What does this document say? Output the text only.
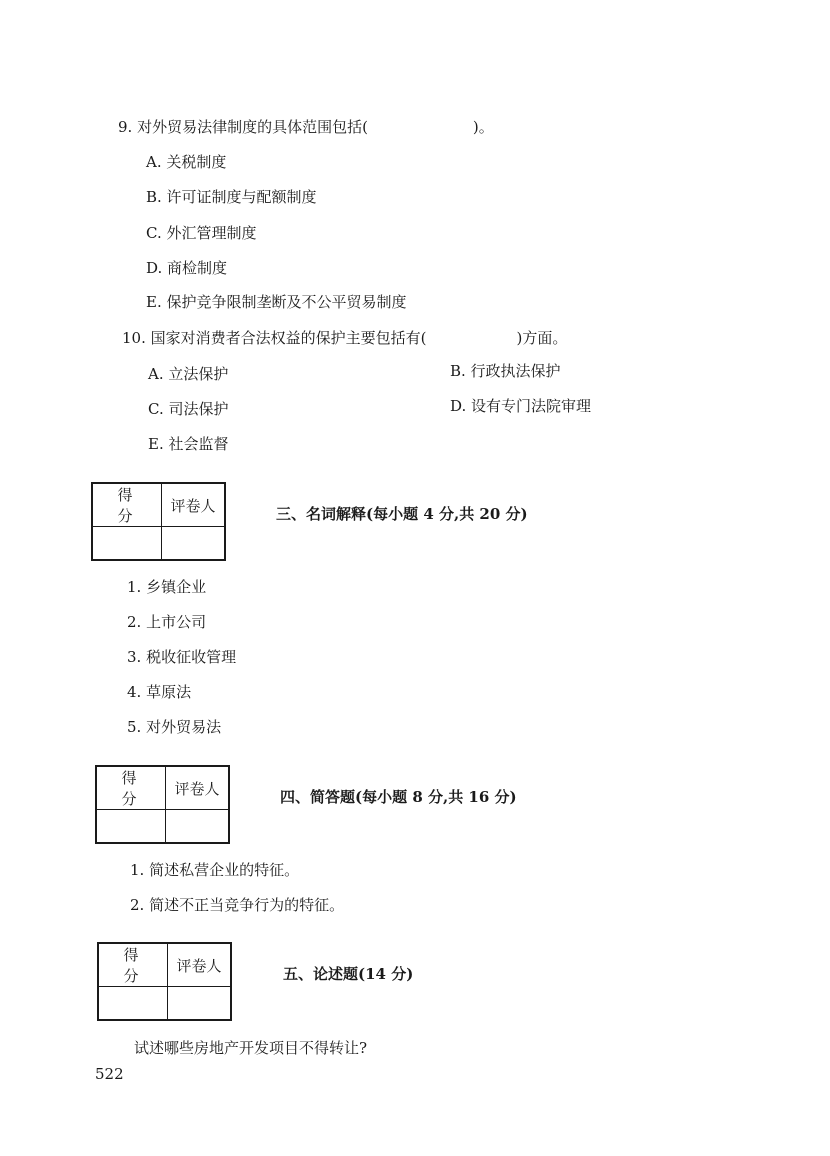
9. 对外贸易法律制度的具体范围包括(　　　　　　　)。
A. 关税制度
B. 许可证制度与配额制度
C. 外汇管理制度
D. 商检制度
E. 保护竞争限制垄断及不公平贸易制度
10. 国家对消费者合法权益的保护主要包括有(　　　　　　)方面。
A. 立法保护	B. 行政执法保护
C. 司法保护	D. 设有专门法院审理
E. 社会监督
得 分	评卷人
		三、名词解释(每小题 4 分,共 20 分)
1. 乡镇企业
2. 上市公司
3. 税收征收管理
4. 草原法
5. 对外贸易法
得 分	评卷人
		四、简答题(每小题 8 分,共 16 分)
1. 简述私营企业的特征。
2. 简述不正当竞争行为的特征。
得 分	评卷人
		五、论述题(14 分)
试述哪些房地产开发项目不得转让?
522
